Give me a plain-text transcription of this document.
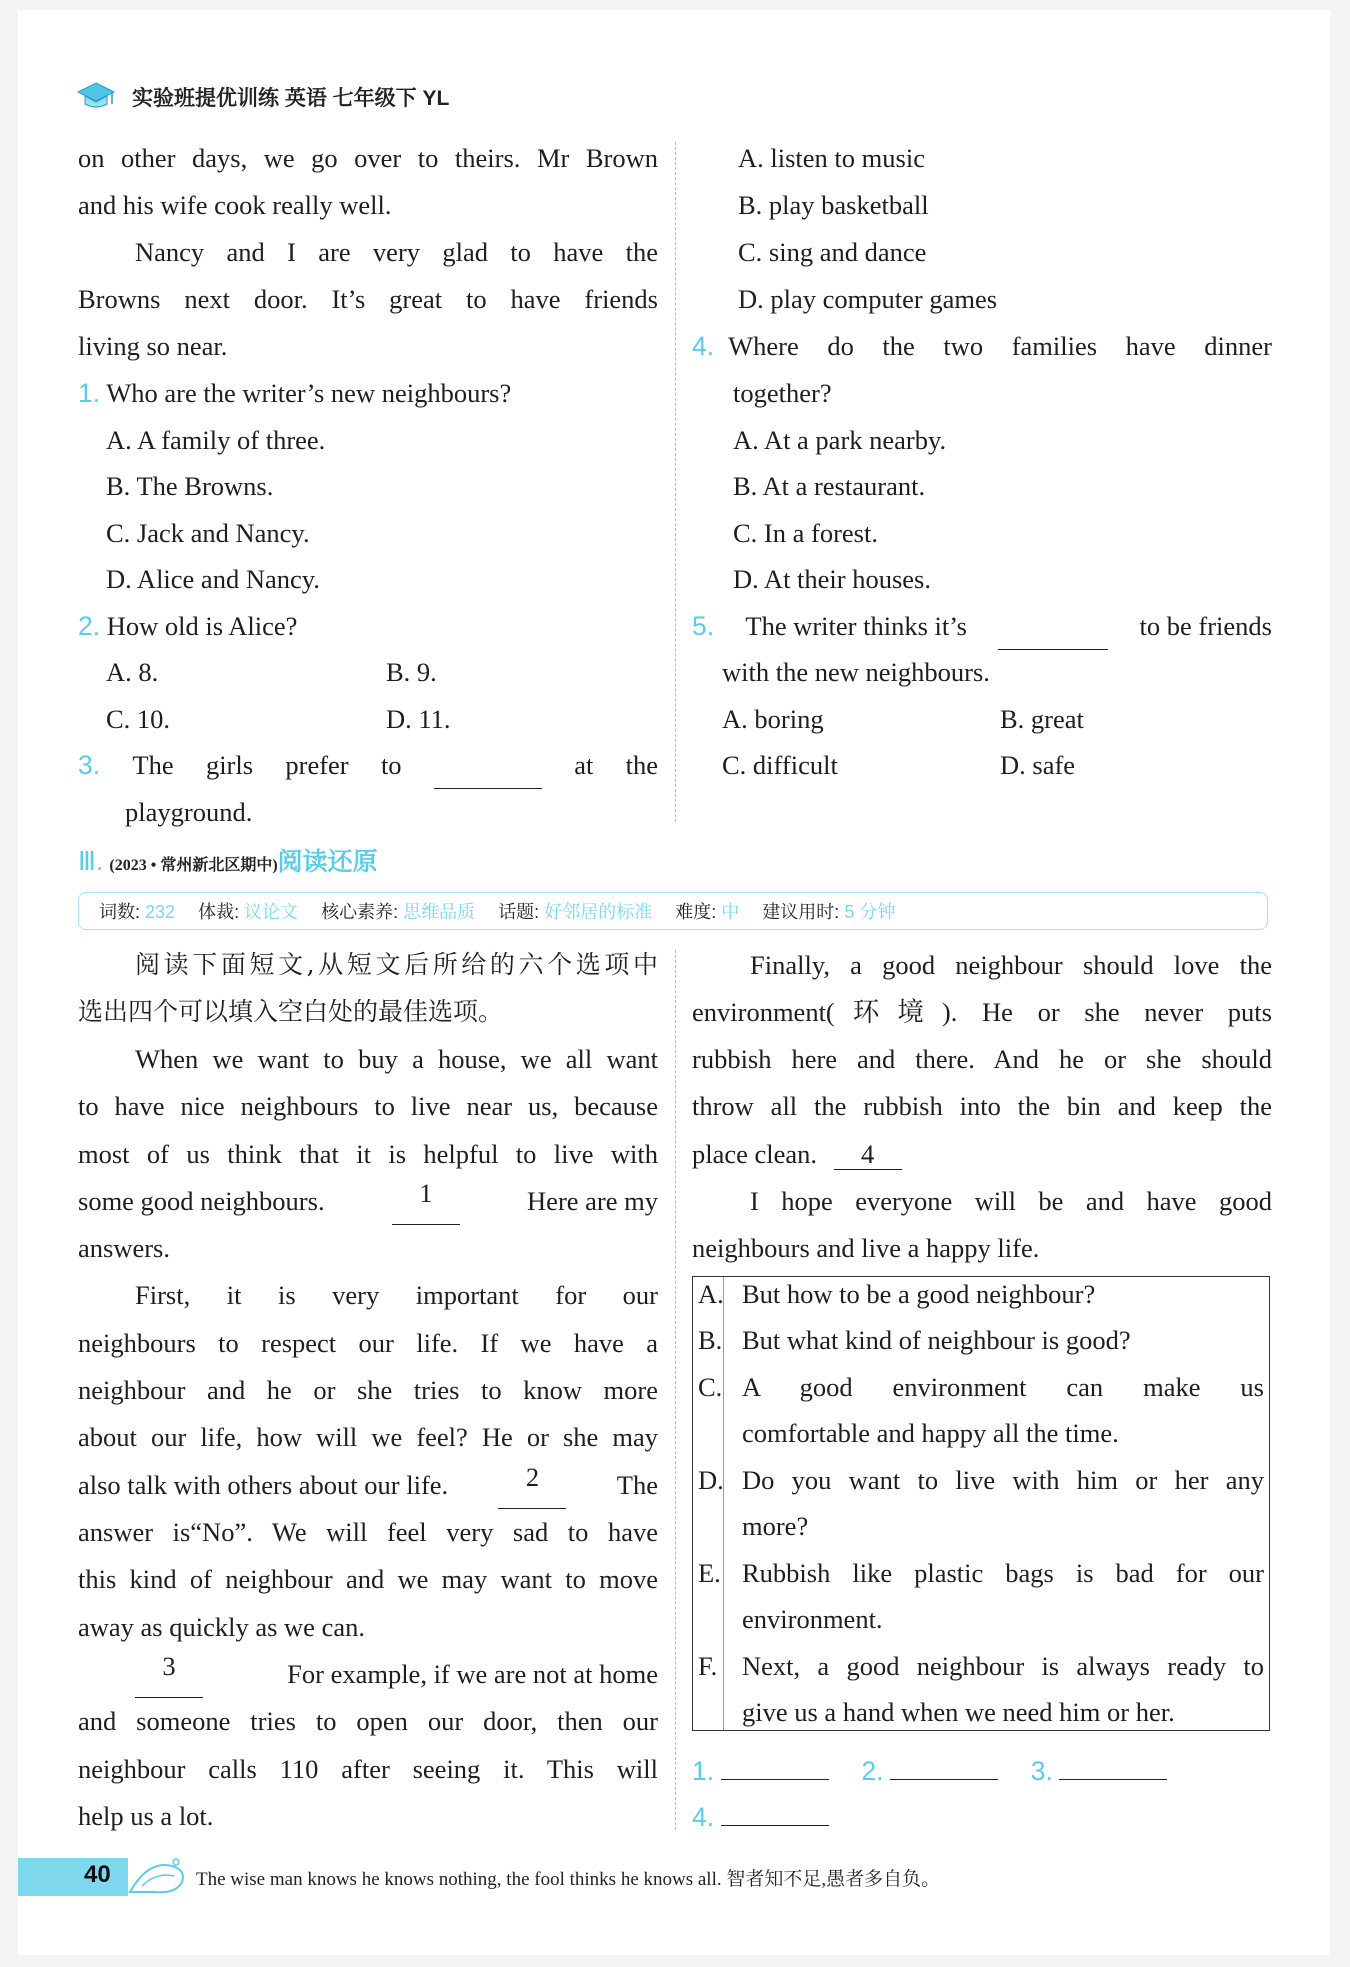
实验班提优训练 英语 七年级下 YL
on other days, we go over to theirs. Mr Brown
and his wife cook really well.
Nancy and I are very glad to have the
Browns next door. It’s great to have friends
living so near.
1. Who are the writer’s new neighbours?
A. A family of three.
B. The Browns.
C. Jack and Nancy.
D. Alice and Nancy.
2. How old is Alice?
A. 8.	B. 9.
C. 10.	D. 11.
3. The girls prefer to	at the
playground.
A. listen to music
B. play basketball
C. sing and dance
D. play computer games
4. Where do the two families have dinner
together?
A. At a park nearby.
B. At a restaurant.
C. In a forest.
D. At their houses.
5. The writer thinks it’s	to be friends
with the new neighbours.
A. boring	B. great
C. difficult	D. safe
Ⅲ. (2023 • 常州新北区期中)阅读还原
词数: 232 体裁: 议论文 核心素养: 思维品质 话题: 好邻居的标准 难度: 中 建议用时: 5 分钟
阅读下面短文,从短文后所给的六个选项中
选出四个可以填入空白处的最佳选项。
When we want to buy a house, we all want
to have nice neighbours to live near us, because
most of us think that it is helpful to live with
some good neighbours.	1	Here are my
answers.
First, it is very important for our
neighbours to respect our life. If we have a
neighbour and he or she tries to know more
about our life, how will we feel? He or she may
also talk with others about our life.	2	The
answer is“No”. We will feel very sad to have
this kind of neighbour and we may want to move
away as quickly as we can.
3	For example, if we are not at home
and someone tries to open our door, then our
neighbour calls 110 after seeing it. This will
help us a lot.
Finally, a good neighbour should love the
environment(环境). He or she never puts
rubbish here and there. And he or she should
throw all the rubbish into the bin and keep the
place clean. 4
I hope everyone will be and have good
neighbours and live a happy life.
A. But how to be a good neighbour?
B. But what kind of neighbour is good?
C. A good environment can make us
comfortable and happy all the time.
D. Do you want to live with him or her any
more?
E. Rubbish like plastic bags is bad for our
environment.
F. Next, a good neighbour is always ready to
give us a hand when we need him or her.
1.	2.	3.
4.
40	The wise man knows he knows nothing, the fool thinks he knows all. 智者知不足,愚者多自负。
